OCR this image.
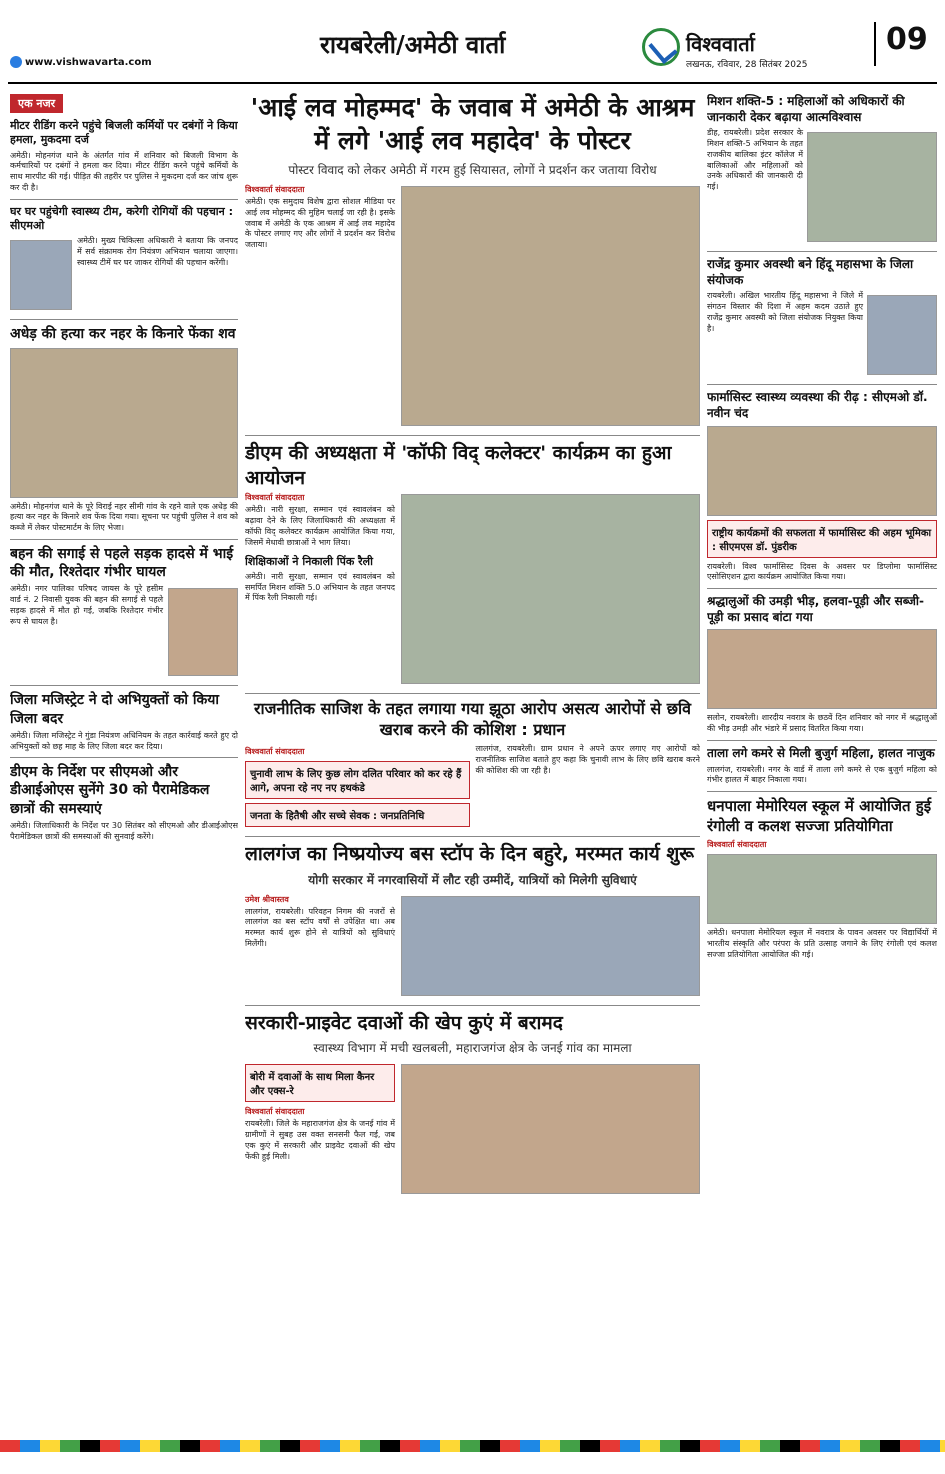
www.vishwavarta.com
रायबरेली/अमेठी वार्ता	विश्ववार्ता
लखनऊ, रविवार, 28 सितंबर 2025
09
एक नजर
मीटर रीडिंग करने पहुंचे बिजली कर्मियों पर दबंगों ने किया हमला, मुकदमा दर्ज
अमेठी। मोहनगंज थाने के अंतर्गत गांव में शनिवार को बिजली विभाग के कर्मचारियों पर दबंगों ने हमला कर दिया। मीटर रीडिंग करने पहुंचे कर्मियों के साथ मारपीट की गई। पीड़ित की तहरीर पर पुलिस ने मुकदमा दर्ज कर जांच शुरू कर दी है।
घर घर पहुंचेगी स्वास्थ्य टीम, करेगी रोगियों की पहचान : सीएमओ
अमेठी। मुख्य चिकित्सा अधिकारी ने बताया कि जनपद में सर्व संक्रामक रोग नियंत्रण अभियान चलाया जाएगा। स्वास्थ्य टीमें घर घर जाकर रोगियों की पहचान करेंगी।
अधेड़ की हत्या कर नहर के किनारे फेंका शव
अमेठी। मोहनगंज थाने के पूरे विराई नहर सीमी गांव के रहने वाले एक अधेड़ की हत्या कर नहर के किनारे शव फेंक दिया गया। सूचना पर पहुंची पुलिस ने शव को कब्जे में लेकर पोस्टमार्टम के लिए भेजा।
बहन की सगाई से पहले सड़क हादसे में भाई की मौत, रिश्तेदार गंभीर घायल
अमेठी। नगर पालिका परिषद जायस के पूरे हसीम वार्ड नं. 2 निवासी युवक की बहन की सगाई से पहले सड़क हादसे में मौत हो गई, जबकि रिश्तेदार गंभीर रूप से घायल है।
जिला मजिस्ट्रेट ने दो अभियुक्तों को किया जिला बदर
अमेठी। जिला मजिस्ट्रेट ने गुंडा नियंत्रण अधिनियम के तहत कार्रवाई करते हुए दो अभियुक्तों को छह माह के लिए जिला बदर कर दिया।
डीएम के निर्देश पर सीएमओ और डीआईओएस सुनेंगे 30 को पैरामेडिकल छात्रों की समस्याएं
अमेठी। जिलाधिकारी के निर्देश पर 30 सितंबर को सीएमओ और डीआईओएस पैरामेडिकल छात्रों की समस्याओं की सुनवाई करेंगे।
'आई लव मोहम्मद' के जवाब में अमेठी के आश्रम में लगे 'आई लव महादेव' के पोस्टर
पोस्टर विवाद को लेकर अमेठी में गरम हुई सियासत, लोगों ने प्रदर्शन कर जताया विरोध
विश्ववार्ता संवाददाता
अमेठी। एक समुदाय विशेष द्वारा सोशल मीडिया पर आई लव मोहम्मद की मुहिम चलाई जा रही है। इसके जवाब में अमेठी के एक आश्रम में आई लव महादेव के पोस्टर लगाए गए और लोगों ने प्रदर्शन कर विरोध जताया।
डीएम की अध्यक्षता में 'कॉफी विद् कलेक्टर' कार्यक्रम का हुआ आयोजन
विश्ववार्ता संवाददाता
अमेठी। नारी सुरक्षा, सम्मान एवं स्वावलंबन को बढ़ावा देने के लिए जिलाधिकारी की अध्यक्षता में कॉफी विद् कलेक्टर कार्यक्रम आयोजित किया गया, जिसमें मेधावी छात्राओं ने भाग लिया।
शिक्षिकाओं ने निकाली पिंक रैली
अमेठी। नारी सुरक्षा, सम्मान एवं स्वावलंबन को समर्पित मिशन शक्ति 5.0 अभियान के तहत जनपद में पिंक रैली निकाली गई।
राजनीतिक साजिश के तहत लगाया गया झूठा आरोप असत्य आरोपों से छवि खराब करने की कोशिश : प्रधान
विश्ववार्ता संवाददाता
चुनावी लाभ के लिए कुछ लोग दलित परिवार को कर रहे हैं आगे, अपना रहे नए नए हथकंडे
जनता के हितैषी और सच्चे सेवक : जनप्रतिनिधि
लालगंज, रायबरेली। ग्राम प्रधान ने अपने ऊपर लगाए गए आरोपों को राजनीतिक साजिश बताते हुए कहा कि चुनावी लाभ के लिए छवि खराब करने की कोशिश की जा रही है।
लालगंज का निष्प्रयोज्य बस स्टॉप के दिन बहुरे, मरम्मत कार्य शुरू
योगी सरकार में नगरवासियों में लौट रही उम्मीदें, यात्रियों को मिलेगी सुविधाएं
उमेश श्रीवास्तव
लालगंज, रायबरेली। परिवहन निगम की नजरों से लालगंज का बस स्टॉप वर्षों से उपेक्षित था। अब मरम्मत कार्य शुरू होने से यात्रियों को सुविधाएं मिलेंगी।
सरकारी-प्राइवेट दवाओं की खेप कुएं में बरामद
स्वास्थ्य विभाग में मची खलबली, महाराजगंज क्षेत्र के जनई गांव का मामला
बोरी में दवाओं के साथ मिला कैनर और एक्स-रे
विश्ववार्ता संवाददाता
रायबरेली। जिले के महाराजगंज क्षेत्र के जनई गांव में ग्रामीणों ने सुबह उस वक्त सनसनी फैल गई, जब एक कुएं में सरकारी और प्राइवेट दवाओं की खेप फेंकी हुई मिली।
मिशन शक्ति-5 : महिलाओं को अधिकारों की जानकारी देकर बढ़ाया आत्मविश्वास
डीह, रायबरेली। प्रदेश सरकार के मिशन शक्ति-5 अभियान के तहत राजकीय बालिका इंटर कॉलेज में बालिकाओं और महिलाओं को उनके अधिकारों की जानकारी दी गई।
राजेंद्र कुमार अवस्थी बने हिंदू महासभा के जिला संयोजक
रायबरेली। अखिल भारतीय हिंदू महासभा ने जिले में संगठन विस्तार की दिशा में अहम कदम उठाते हुए राजेंद्र कुमार अवस्थी को जिला संयोजक नियुक्त किया है।
फार्मासिस्ट स्वास्थ्य व्यवस्था की रीढ़ : सीएमओ डॉ. नवीन चंद
राष्ट्रीय कार्यक्रमों की सफलता में फार्मासिस्ट की अहम भूमिका : सीएमएस डॉ. पुंडरीक
रायबरेली। विश्व फार्मासिस्ट दिवस के अवसर पर डिप्लोमा फार्मासिस्ट एसोसिएशन द्वारा कार्यक्रम आयोजित किया गया।
श्रद्धालुओं की उमड़ी भीड़, हलवा-पूड़ी और सब्जी-पूड़ी का प्रसाद बांटा गया
सलोन, रायबरेली। शारदीय नवरात्र के छठवें दिन शनिवार को नगर में श्रद्धालुओं की भीड़ उमड़ी और भंडारे में प्रसाद वितरित किया गया।
ताला लगे कमरे से मिली बुजुर्ग महिला, हालत नाजुक
लालगंज, रायबरेली। नगर के वार्ड में ताला लगे कमरे से एक बुजुर्ग महिला को गंभीर हालत में बाहर निकाला गया।
धनपाला मेमोरियल स्कूल में आयोजित हुई रंगोली व कलश सज्जा प्रतियोगिता
विश्ववार्ता संवाददाता
अमेठी। धनपाला मेमोरियल स्कूल में नवरात्र के पावन अवसर पर विद्यार्थियों में भारतीय संस्कृति और परंपरा के प्रति उत्साह जगाने के लिए रंगोली एवं कलश सज्जा प्रतियोगिता आयोजित की गई।
